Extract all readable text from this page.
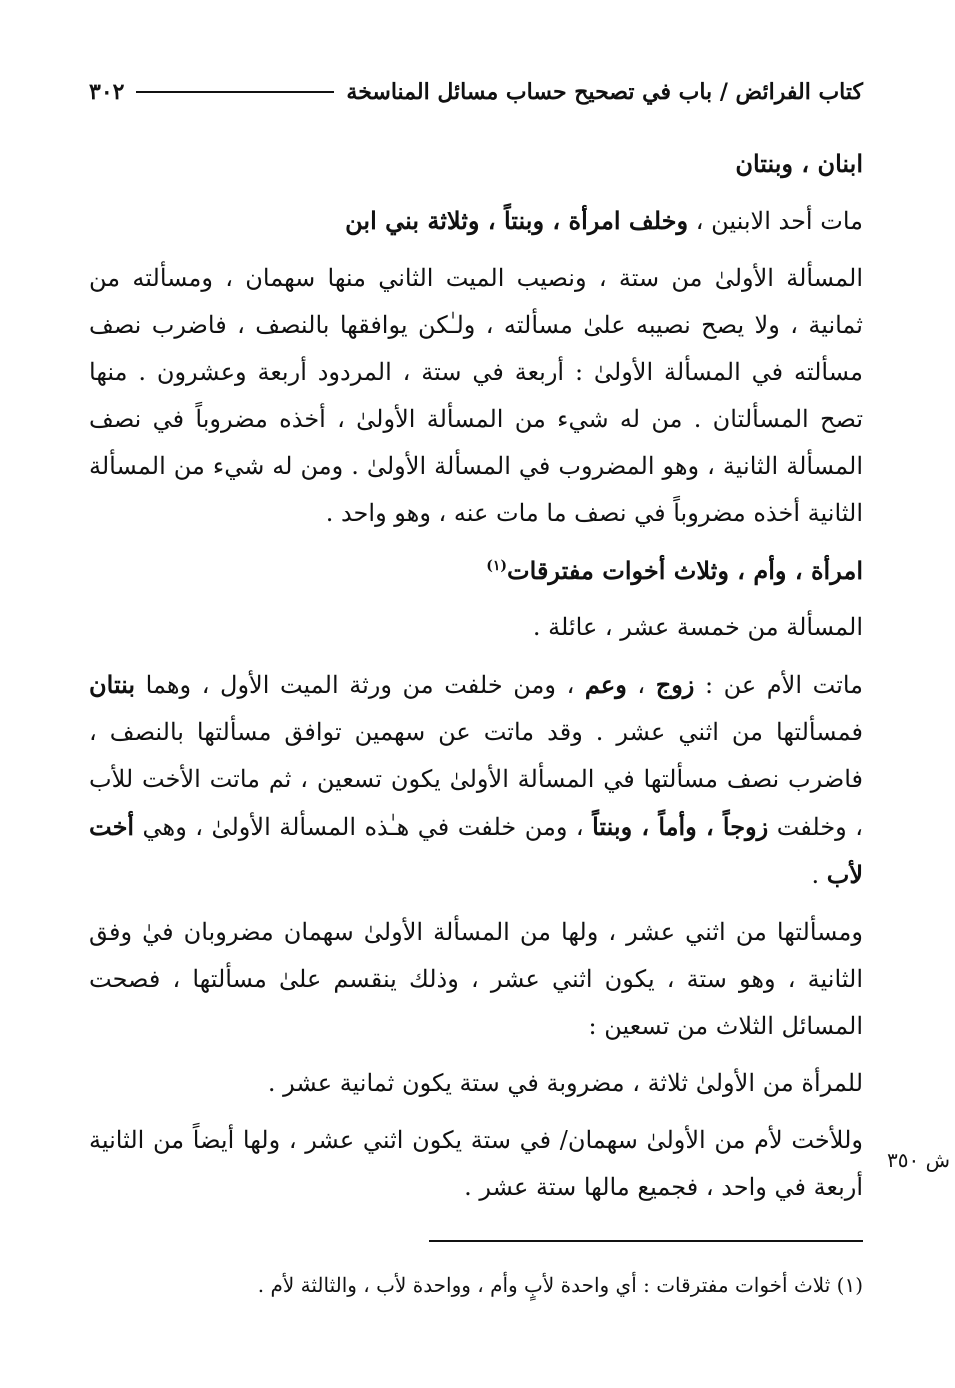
كتاب الفرائض / باب في تصحيح حساب مسائل المناسخة
٣٠٢

ابنان ، وبنتان

مات أحد الابنين ، وخلف امرأة ، وبنتاً ، وثلاثة بني ابن

المسألة الأولىٰ من ستة ، ونصيب الميت الثاني منها سهمان ، ومسألته من ثمانية ، ولا يصح نصيبه علىٰ مسألته ، ولـٰكن يوافقها بالنصف ، فاضرب نصف مسألته في المسألة الأولىٰ : أربعة في ستة ، المردود أربعة وعشرون . منها تصح المسألتان . من له شيء من المسألة الأولىٰ ، أخذه مضروباً في نصف المسألة الثانية ، وهو المضروب في المسألة الأولىٰ . ومن له شيء من المسألة الثانية أخذه مضروباً في نصف ما مات عنه ، وهو واحد .

امرأة ، وأم ، وثلاث أخوات مفترقات$^{(١)}$

المسألة من خمسة عشر ، عائلة .

ماتت الأم عن : زوج ، وعم ، ومن خلفت من ورثة الميت الأول ، وهما بنتان فمسألتها من اثني عشر . وقد ماتت عن سهمين توافق مسألتها بالنصف ، فاضرب نصف مسألتها في المسألة الأولىٰ يكون تسعين ، ثم ماتت الأخت للأب ، وخلفت زوجاً ، وأماً ، وبنتاً ، ومن خلفت في هـٰذه المسألة الأولىٰ ، وهي أخت لأب .

ومسألتها من اثني عشر ، ولها من المسألة الأولىٰ سهمان مضروبان فيٰ وفق الثانية ، وهو ستة ، يكون اثني عشر ، وذلك ينقسم علىٰ مسألتها ، فصحت المسائل الثلاث من تسعين :

للمرأة من الأولىٰ ثلاثة ، مضروبة في ستة يكون ثمانية عشر .

وللأخت لأم من الأولىٰ سهمان/ في ستة يكون اثني عشر ، ولها أيضاً من الثانية أربعة في واحد ، فجميع مالها ستة عشر .

ش ٣٥٠
(١) ثلاث أخوات مفترقات : أي واحدة لأبٍ وأم ، وواحدة لأب ، والثالثة لأم .
